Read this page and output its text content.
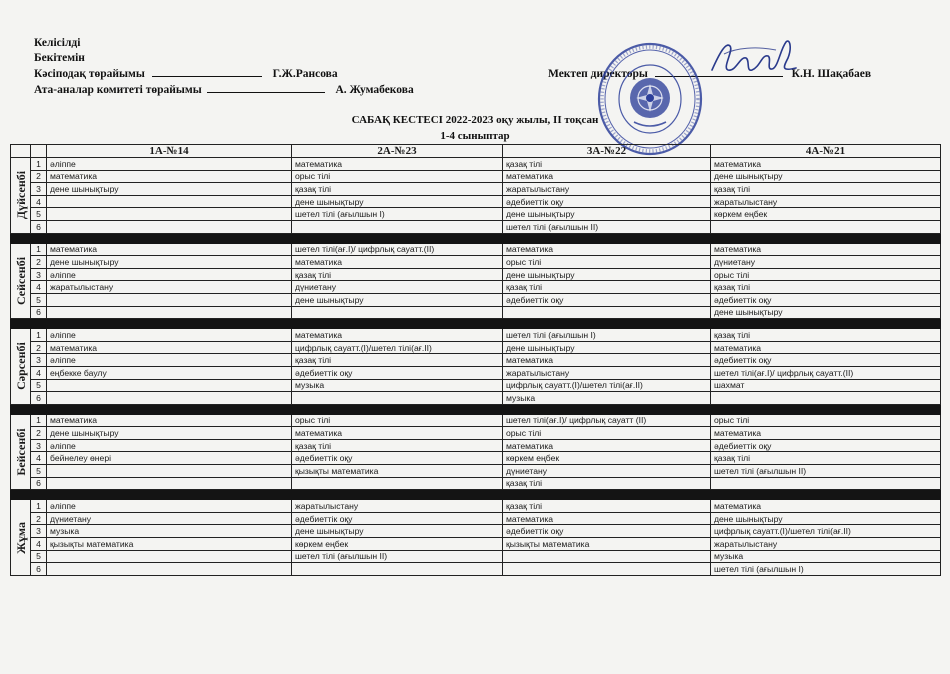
Келісілді
Бекітемін
Кәсіподақ төрайымы	Г.Ж.Рансова
Ата-аналар комитеті төрайымы	А. Жумабекова
Мектеп директоры	К.Н. Шақабаев
САБАҚ КЕСТЕСІ 2022-2023 оқу жылы, ІІ тоқсан
1-4 сыныптар
		1А-№14	2А-№23	3А-№22	4А-№21

Дүйсенбі	1	әліппе	математика	қазақ тілі	математика
	2	математика	орыс тілі	математика	дене шынықтыру
	3	дене шынықтыру	қазақ тілі	жаратылыстану	қазақ тілі
	4		дене шынықтыру	әдебиеттік оқу	жаратылыстану
	5		шетел тілі (ағылшын І)	дене шынықтыру	көркем еңбек
	6			шетел тілі (ағылшын ІІ)	

Сейсенбі	1	математика	шетел тілі(ағ.І)/ цифрлық сауатт.(ІІ)	математика	математика
	2	дене шынықтыру	математика	орыс тілі	дүниетану
	3	әліппе	қазақ тілі	дене шынықтыру	орыс тілі
	4	жаратылыстану	дүниетану	қазақ тілі	қазақ тілі
	5		дене шынықтыру	әдебиеттік оқу	әдебиеттік оқу
	6				дене шынықтыру

Сәрсенбі	1	әліппе	математика	шетел тілі (ағылшын І)	қазақ тілі
	2	математика	цифрлық сауатт.(І)/шетел тілі(ағ.ІІ)	дене шынықтыру	математика
	3	әліппе	қазақ тілі	математика	әдебиеттік оқу
	4	еңбекке баулу	әдебиеттік оқу	жаратылыстану	шетел тілі(ағ.І)/ цифрлық сауатт.(ІІ)
	5		музыка	цифрлық сауатт.(І)/шетел тілі(ағ.ІІ)	шахмат
	6			музыка	

Бейсенбі	1	математика	орыс тілі	шетел тілі(ағ.І)/ цифрлық сауатт (ІІ)	орыс тілі
	2	дене шынықтыру	математика	орыс тілі	математика
	3	әліппе	қазақ тілі	математика	әдебиеттік оқу
	4	бейнелеу өнері	әдебиеттік оқу	көркем еңбек	қазақ тілі
	5		қызықты математика	дүниетану	шетел тілі (ағылшын ІІ)
	6			қазақ тілі	

Жұма	1	әліппе	жаратылыстану	қазақ тілі	математика
	2	дүниетану	әдебиеттік оқу	математика	дене шынықтыру
	3	музыка	дене шынықтыру	әдебиеттік оқу	цифрлық сауатт.(І)/шетел тілі(ағ.ІІ)
	4	қызықты математика	көркем еңбек	қызықты математика	жаратылыстану
	5		шетел тілі (ағылшын ІІ)		музыка
	6				шетел тілі (ағылшын І)
